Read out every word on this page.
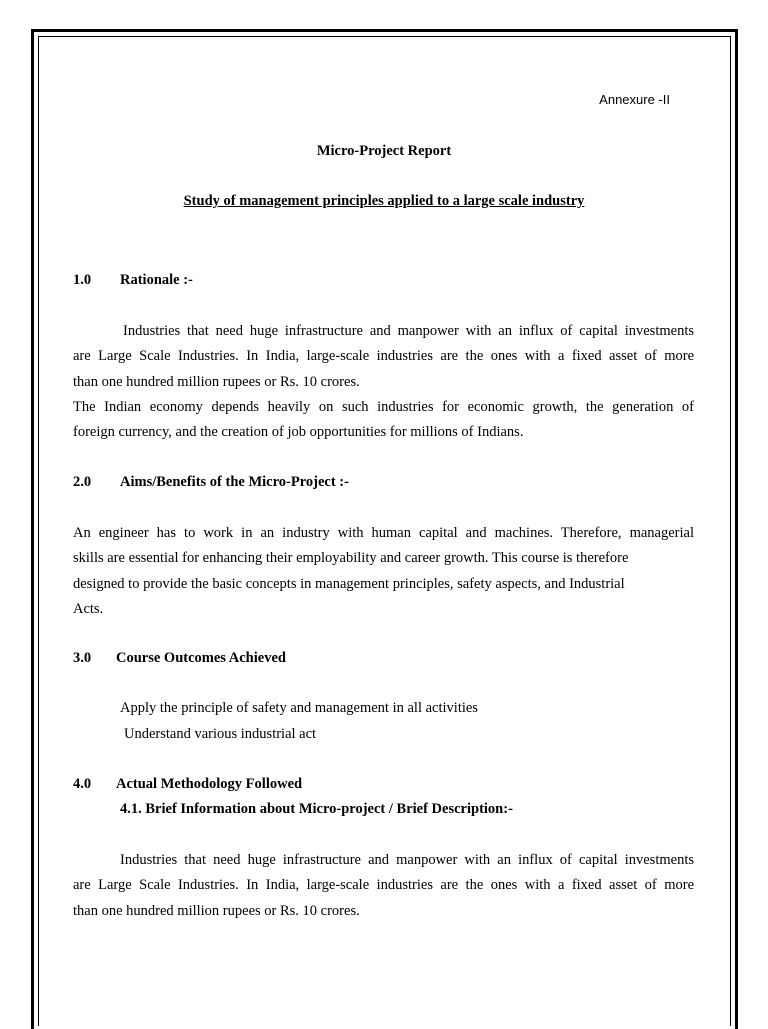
Annexure -II
Micro-Project Report
Study of management principles applied to a large scale industry
1.0 Rationale :-
Industries that need huge infrastructure and manpower with an influx of capital investments
are Large Scale Industries. In India, large-scale industries are the ones with a fixed asset of more
than one hundred million rupees or Rs. 10 crores.
The Indian economy depends heavily on such industries for economic growth, the generation of
foreign currency, and the creation of job opportunities for millions of Indians.
2.0 Aims/Benefits of the Micro-Project :-
An engineer has to work in an industry with human capital and machines. Therefore, managerial
skills are essential for enhancing their employability and career growth. This course is therefore
designed to provide the basic concepts in management principles, safety aspects, and Industrial
Acts.
3.0 Course Outcomes Achieved
Apply the principle of safety and management in all activities
Understand various industrial act
4.0 Actual Methodology Followed
4.1. Brief Information about Micro-project / Brief Description:-
Industries that need huge infrastructure and manpower with an influx of capital investments
are Large Scale Industries. In India, large-scale industries are the ones with a fixed asset of more
than one hundred million rupees or Rs. 10 crores.
